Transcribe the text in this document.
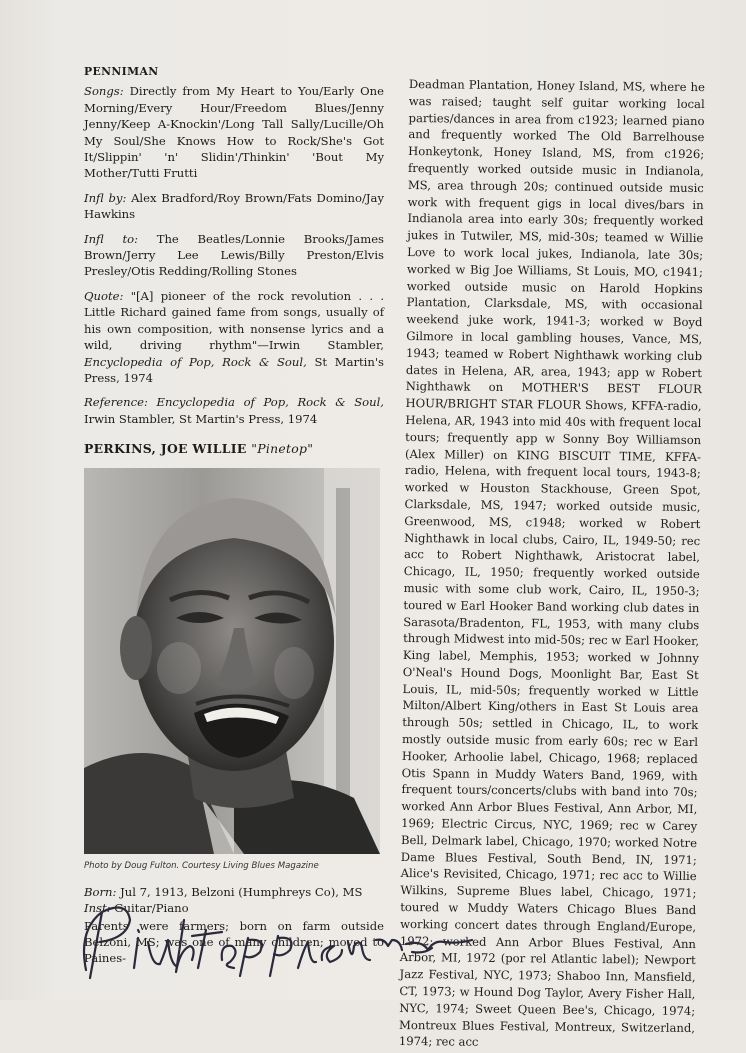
PENNIMAN

Songs: Directly from My Heart to You/Early One Morning/Every Hour/Freedom Blues/Jenny Jenny/Keep A-Knockin'/Long Tall Sally/Lucille/Oh My Soul/She Knows How to Rock/She's Got It/Slippin' 'n' Slidin'/Thinkin' 'Bout My Mother/Tutti Frutti

Infl by: Alex Bradford/Roy Brown/Fats Domino/Jay Hawkins

Infl to: The Beatles/Lonnie Brooks/James Brown/Jerry Lee Lewis/Billy Preston/Elvis Presley/Otis Redding/Rolling Stones

Quote: "[A] pioneer of the rock revolution . . . Little Richard gained fame from songs, usually of his own composition, with nonsense lyrics and a wild, driving rhythm"—Irwin Stambler, Encyclopedia of Pop, Rock & Soul, St Martin's Press, 1974

Reference: Encyclopedia of Pop, Rock & Soul, Irwin Stambler, St Martin's Press, 1974

PERKINS, JOE WILLIE "Pinetop"
Photo by Doug Fulton. Courtesy Living Blues Magazine
Born: Jul 7, 1913, Belzoni (Humphreys Co), MS
Inst: Guitar/Piano
Parents were farmers; born on farm outside Belzoni, MS; was one of many children; moved to Paines-
Deadman Plantation, Honey Island, MS, where he was raised; taught self guitar working local parties/dances in area from c1923; learned piano and frequently worked The Old Barrelhouse Honkeytonk, Honey Island, MS, from c1926; frequently worked outside music in Indianola, MS, area through 20s; continued outside music work with frequent gigs in local dives/bars in Indianola area into early 30s; frequently worked jukes in Tutwiler, MS, mid-30s; teamed w Willie Love to work local jukes, Indianola, late 30s; worked w Big Joe Williams, St Louis, MO, c1941; worked outside music on Harold Hopkins Plantation, Clarksdale, MS, with occasional weekend juke work, 1941-3; worked w Boyd Gilmore in local gambling houses, Vance, MS, 1943; teamed w Robert Nighthawk working club dates in Helena, AR, area, 1943; app w Robert Nighthawk on MOTHER'S BEST FLOUR HOUR/BRIGHT STAR FLOUR Shows, KFFA-radio, Helena, AR, 1943 into mid 40s with frequent local tours; frequently app w Sonny Boy Williamson (Alex Miller) on KING BISCUIT TIME, KFFA-radio, Helena, with frequent local tours, 1943-8; worked w Houston Stackhouse, Green Spot, Clarksdale, MS, 1947; worked outside music, Greenwood, MS, c1948; worked w Robert Nighthawk in local clubs, Cairo, IL, 1949-50; rec acc to Robert Nighthawk, Aristocrat label, Chicago, IL, 1950; frequently worked outside music with some club work, Cairo, IL, 1950-3; toured w Earl Hooker Band working club dates in Sarasota/Bradenton, FL, 1953, with many clubs through Midwest into mid-50s; rec w Earl Hooker, King label, Memphis, 1953; worked w Johnny O'Neal's Hound Dogs, Moonlight Bar, East St Louis, IL, mid-50s; frequently worked w Little Milton/Albert King/others in East St Louis area through 50s; settled in Chicago, IL, to work mostly outside music from early 60s; rec w Earl Hooker, Arhoolie label, Chicago, 1968; replaced Otis Spann in Muddy Waters Band, 1969, with frequent tours/concerts/clubs with band into 70s; worked Ann Arbor Blues Festival, Ann Arbor, MI, 1969; Electric Circus, NYC, 1969; rec w Carey Bell, Delmark label, Chicago, 1970; worked Notre Dame Blues Festival, South Bend, IN, 1971; Alice's Revisited, Chicago, 1971; rec acc to Willie Wilkins, Supreme Blues label, Chicago, 1971; toured w Muddy Waters Chicago Blues Band working concert dates through England/Europe, 1972; worked Ann Arbor Blues Festival, Ann Arbor, MI, 1972 (por rel Atlantic label); Newport Jazz Festival, NYC, 1973; Shaboo Inn, Mansfield, CT, 1973; w Hound Dog Taylor, Avery Fisher Hall, NYC, 1974; Sweet Queen Bee's, Chicago, 1974; Montreux Blues Festival, Montreux, Switzerland, 1974; rec acc
